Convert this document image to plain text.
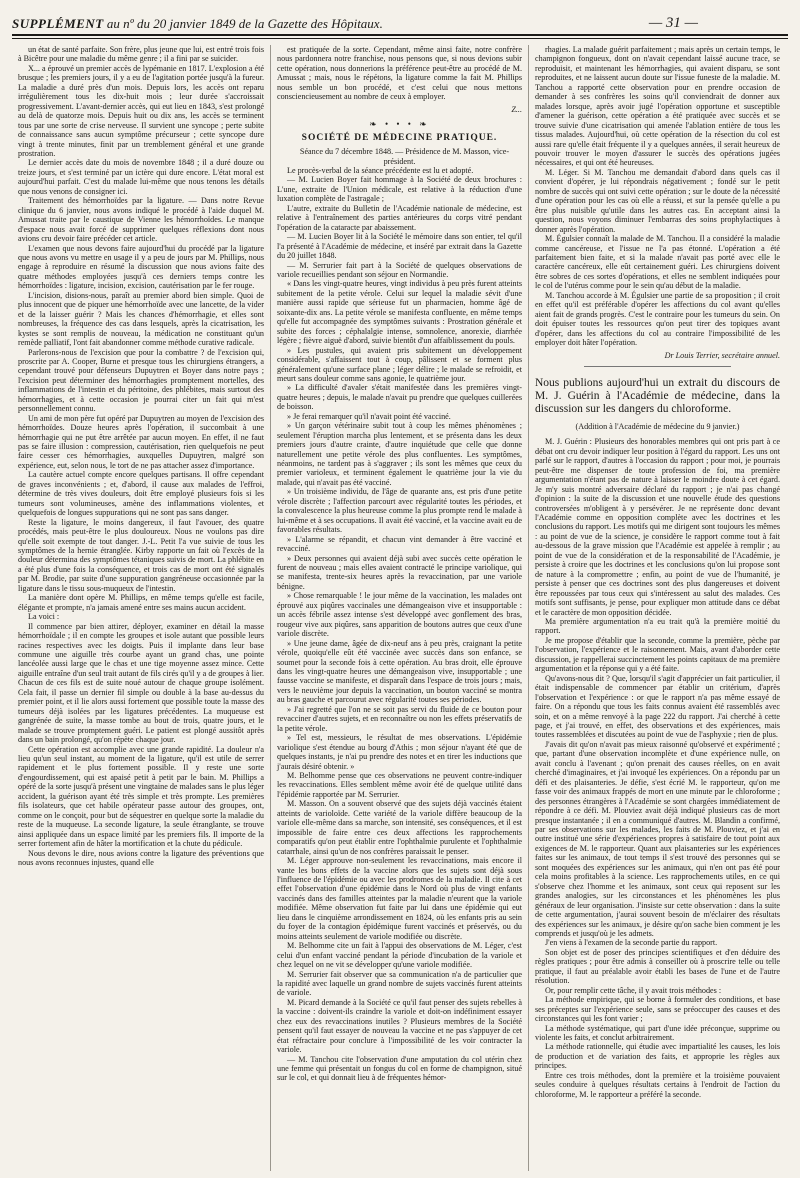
SUPPLÉMENT au nº du 20 janvier 1849 de la Gazette des Hôpitaux.	— 31 —

un état de santé parfaite. Son frère, plus jeune que lui, est entré trois fois à Bicêtre pour une maladie du même genre ; il a fini par se suicider.

X... a éprouvé un premier accès de lypémanie en 1817. L'explosion a été brusque ; les premiers jours, il y a eu de l'agitation portée jusqu'à la fureur. La maladie a duré près d'un mois. Depuis lors, les accès ont reparu irrégulièrement tous les dix-huit mois ; leur durée s'accroissait progressivement. L'avant-dernier accès, qui eut lieu en 1843, s'est prolongé au delà de quatorze mois. Depuis huit ou dix ans, les accès se terminent tous par une sorte de crise nerveuse. Il survient une syncope ; perte subite de connaissance sans aucun symptôme précurseur ; cette syncope dure vingt à trente minutes, finit par un tremblement général et une grande prostration.

Le dernier accès date du mois de novembre 1848 ; il a duré douze ou treize jours, et s'est terminé par un ictère qui dure encore. L'état moral est aujourd'hui parfait. C'est du malade lui-même que nous tenons les détails que nous venons de consigner ici.

Traitement des hémorrhoïdes par la ligature. — Dans notre Revue clinique du 6 janvier, nous avons indiqué le procédé à l'aide duquel M. Amussat traite par le caustique de Vienne les hémorrhoïdes. Le manque d'espace nous avait forcé de supprimer quelques réflexions dont nous avions cru devoir faire précéder cet article.

L'examen que nous devons faire aujourd'hui du procédé par la ligature que nous avons vu mettre en usage il y a peu de jours par M. Phillips, nous engage à reproduire en résumé la discussion que nous avions faite des quatre méthodes employées jusqu'à ces derniers temps contre les hémorrhoïdes : ligature, incision, excision, cautérisation par le fer rouge.

L'incision, disions-nous, paraît au premier abord bien simple. Quoi de plus innocent que de piquer une hémorrhoïde avec une lancette, de la vider et de la laisser guérir ? Mais les chances d'hémorrhagie, et elles sont nombreuses, la fréquence des cas dans lesquels, après la cicatrisation, les kystes se sont remplis de nouveau, la médication ne constituant qu'un remède palliatif, l'ont fait abandonner comme méthode curative radicale.

Parlerons-nous de l'excision que pour la combattre ? de l'excision qui, proscrite par A. Cooper, Burne et presque tous les chirurgiens étrangers, a cependant trouvé pour défenseurs Dupuytren et Boyer dans notre pays ; l'excision peut déterminer des hémorrhagies promptement mortelles, des inflammations de l'intestin et du péritoine, des phlébites, mais surtout des hémorrhagies, et à cette occasion je pourrai citer un fait qui m'est personnellement connu.

Un ami de mon père fut opéré par Dupuytren au moyen de l'excision des hémorrhoïdes. Douze heures après l'opération, il succombait à une hémorrhagie qui ne put être arrêtée par aucun moyen. En effet, il ne faut pas se faire illusion : compression, cautérisation, rien quelquefois ne peut faire cesser ces hémorrhagies, auxquelles Dupuytren, malgré son expérience, eut, selon nous, le tort de ne pas attacher assez d'importance.

La cautère actuel compte encore quelques partisans. Il offre cependant de graves inconvénients ; et, d'abord, il cause aux malades de l'effroi, détermine de très vives douleurs, doit être employé plusieurs fois si les tumeurs sont volumineuses, amène des inflammations violentes, et quelquefois de longues suppurations qui ne sont pas sans danger.

Reste la ligature, le moins dangereux, il faut l'avouer, des quatre procédés, mais peut-être le plus douloureux. Nous ne voulons pas dire qu'elle soit exempte de tout danger. J.-L. Petit l'a vue suivie de tous les symptômes de la hernie étranglée. Kirby rapporte un fait où l'excès de la douleur détermina des symptômes tétaniques suivis de mort. La phlébite en a été plus d'une fois la conséquence, et trois cas de mort ont été signalés par M. Brodie, par suite d'une suppuration gangréneuse occasionnée par la ligature dans le tissu sous-muqueux de l'intestin.

La manière dont opère M. Phillips, en même temps qu'elle est facile, élégante et prompte, n'a jamais amené entre ses mains aucun accident.

La voici :

Il commence par bien attirer, déployer, examiner en détail la masse hémorrhoïdale ; il en compte les groupes et isole autant que possible leurs racines respectives avec les doigts. Puis il implante dans leur base commune une aiguille très courbe ayant un grand chas, une pointe lancéolée aussi large que le chas et une tige moyenne assez mince. Cette aiguille entraîne d'un seul trait autant de fils cirés qu'il y a de groupes à lier. Chacun de ces fils est de suite noué autour de chaque groupe isolément. Cela fait, il passe un dernier fil simple ou double à la base au-dessus du premier point, et il lie alors aussi fortement que possible toute la masse des tumeurs déjà isolées par les ligatures précédentes. La muqueuse est gangrénée de suite, la masse tombe au bout de trois, quatre jours, et le malade se trouve promptement guéri. Le patient est plongé aussitôt après dans un bain prolongé, qu'on répète chaque jour.

Cette opération est accomplie avec une grande rapidité. La douleur n'a lieu qu'un seul instant, au moment de la ligature, qu'il est utile de serrer rapidement et le plus fortement possible. Il y reste une sorte d'engourdissement, qui est apaisé petit à petit par le bain. M. Phillips a opéré de la sorte jusqu'à présent une vingtaine de malades sans le plus léger accident, la guérison ayant été très simple et très prompte. Les premières fils isolateurs, que cet habile opérateur passe autour des groupes, ont, comme on le conçoit, pour but de séquestrer en quelque sorte la maladie du reste de la muqueuse. La seconde ligature, la seule étranglante, se trouve ainsi appliquée dans un espace limité par les premiers fils. Il importe de la serrer fortement afin de hâter la mortification et la chute du pédicule.

Nous devons le dire, nous avions contre la ligature des préventions que nous avons reconnues injustes, quand elle

est pratiquée de la sorte. Cependant, même ainsi faite, notre confrère nous pardonnera notre franchise, nous pensons que, si nous devions subir cette opération, nous donnerions la préférence peut-être au procédé de M. Amussat ; mais, nous le répétons, la ligature comme la fait M. Phillips nous semble un bon procédé, et c'est celui que nous mettons consciencieusement au nombre de ceux à employer.

Z...
❧ • • • ❧
SOCIÉTÉ DE MÉDECINE PRATIQUE.

Séance du 7 décembre 1848. — Présidence de M. Masson, vice-président.

Le procès-verbal de la séance précédente est lu et adopté.

— M. Lucien Boyer fait hommage à la Société de deux brochures : L'une, extraite de l'Union médicale, est relative à la réduction d'une luxation complète de l'astragale ;

L'autre, extraite du Bulletin de l'Académie nationale de médecine, est relative à l'entraînement des parties antérieures du corps vitré pendant l'opération de la cataracte par abaissement.

— M. Lucien Boyer lit à la Société le mémoire dans son entier, tel qu'il l'a présenté à l'Académie de médecine, et inséré par extrait dans la Gazette du 20 juillet 1848.

— M. Serrurier fait part à la Société de quelques observations de variole recueillies pendant son séjour en Normandie.

« Dans les vingt-quatre heures, vingt individus à peu près furent atteints subitement de la petite vérole. Celui sur lequel la maladie sévit d'une manière aussi rapide que sérieuse fut un pharmacien, homme âgé de soixante-dix ans. La petite vérole se manifesta confluente, en même temps qu'elle fut accompagnée des symptômes suivants : Prostration générale et subite des forces ; céphalalgie intense, somnolence, anorexie, diarrhée légère ; fièvre aiguë d'abord, suivie bientôt d'un affaiblissement du pouls.

» Les pustules, qui avaient pris subitement un développement considérable, s'affaissent tout à coup, pâlissent et se forment plus généralement qu'une surface plane ; léger délire ; le malade se refroidit, et meurt sans douleur comme sans agonie, le quatrième jour.

» La difficulté d'avaler s'était manifestée dans les premières vingt-quatre heures ; depuis, le malade n'avait pu prendre que quelques cuillerées de boisson.

» Je ferai remarquer qu'il n'avait point été vacciné.

» Un garçon vétérinaire subit tout à coup les mêmes phénomènes ; seulement l'éruption marcha plus lentement, et se présenta dans les deux premiers jours d'autre crainte, d'autre inquiétude que celle que donne naturellement une petite vérole des plus confluentes. Les symptômes, néanmoins, ne tardent pas à s'aggraver ; ils sont les mêmes que ceux du premier varioleux, et terminent également le quatrième jour la vie du malade, qui n'avait pas été vacciné.

» Un troisième individu, de l'âge de quarante ans, est pris d'une petite vérole discrète ; l'affection parcourt avec régularité toutes les périodes, et la convalescence la plus heureuse comme la plus prompte rend le malade à lui-même et à ses occupations. Il avait été vacciné, et la vaccine avait eu de favorables résultats.

» L'alarme se répandit, et chacun vint demander à être vacciné et revacciné.

» Deux personnes qui avaient déjà subi avec succès cette opération le furent de nouveau ; mais elles avaient contracté le principe variolique, qui se manifesta, trente-six heures après la revaccination, par une variole bénigne.

» Chose remarquable ! le jour même de la vaccination, les malades ont éprouvé aux piqûres vaccinales une démangeaison vive et insupportable : un accès fébrile assez intense s'est développé avec gonflement des bras, rougeur vive aux piqûres, sans apparition de boutons autres que ceux d'une variole discrète.

» Une jeune dame, âgée de dix-neuf ans à peu près, craignant la petite vérole, quoiqu'elle eût été vaccinée avec succès dans son enfance, se soumet pour la seconde fois à cette opération. Au bras droit, elle éprouve dans les vingt-quatre heures une démangeaison vive, insupportable ; une fausse vaccine se manifeste, et disparaît dans l'espace de trois jours ; mais, vers le neuvième jour depuis la vaccination, un bouton vacciné se montra au bras gauche et parcourut avec régularité toutes ses périodes.

» J'ai regretté que l'on ne se soit pas servi du fluide de ce bouton pour revacciner d'autres sujets, et en reconnaître ou non les effets préservatifs de la petite vérole.

» Tel est, messieurs, le résultat de mes observations. L'épidémie variolique s'est étendue au bourg d'Athis ; mon séjour n'ayant été que de quelques instants, je n'ai pu prendre des notes et en tirer les inductions que j'aurais désiré obtenir. »

M. Belhomme pense que ces observations ne peuvent contre-indiquer les revaccinations. Elles semblent même avoir été de quelque utilité dans l'épidémie rapportée par M. Serrurier.

M. Masson. On a souvent observé que des sujets déjà vaccinés étaient atteints de varioloïde. Cette variété de la variole diffère beaucoup de la variole elle-même dans sa marche, son intensité, ses conséquences, et il est impossible de faire entre ces deux affections les rapprochements comparatifs qu'on peut établir entre l'ophthalmie purulente et l'ophthalmie catarrhale, ainsi qu'un de nos confrères paraissait le penser.

M. Léger approuve non-seulement les revaccinations, mais encore il vante les bons effets de la vaccine alors que les sujets sont déjà sous l'influence de l'épidémie ou avec les prodromes de la maladie. Il cite à cet effet l'observation d'une épidémie dans le Nord où plus de vingt enfants vaccinés dans des familles atteintes par la maladie n'eurent que la variole modifiée. Même observation fut faite par lui dans une épidémie qui eut lieu dans le cinquième arrondissement en 1824, où les enfants pris au sein du foyer de la contagion épidémique furent vaccinés et préservés, ou du moins atteints seulement de variole modifiée ou discrète.

M. Belhomme cite un fait à l'appui des observations de M. Léger, c'est celui d'un enfant vacciné pendant la période d'incubation de la variole et chez lequel on ne vit se développer qu'une variole modifiée.

M. Serrurier fait observer que sa communication n'a de particulier que la rapidité avec laquelle un grand nombre de sujets vaccinés furent atteints de variole.

M. Picard demande à la Société ce qu'il faut penser des sujets rebelles à la vaccine : doivent-ils craindre la variole et doit-on indéfiniment essayer chez eux des revaccinations inutiles ? Plusieurs membres de la Société pensent qu'il faut essayer de nouveau la vaccine et ne pas s'appuyer de cet état réfractaire pour conclure à l'impossibilité de les voir contracter la variole.

— M. Tanchou cite l'observation d'une amputation du col utérin chez une femme qui présentait un fongus du col en forme de champignon, situé sur le col, et qui donnait lieu à de fréquentes hémor-

rhagies. La malade guérit parfaitement ; mais après un certain temps, le champignon fongueux, dont on n'avait cependant laissé aucune trace, se reproduisit, et maintenant les hémorrhagies, qui avaient disparu, se sont reproduites, et ne laissent aucun doute sur l'issue funeste de la maladie. M. Tanchou a rapporté cette observation pour en prendre occasion de demander à ses confrères les soins qu'il conviendrait de donner aux malades lorsque, après avoir jugé l'opération opportune et susceptible d'amener la guérison, cette opération a été pratiquée avec succès et se trouve suivie d'une cicatrisation qui amenée l'ablation entière de tous les tissus malades. Aujourd'hui, où cette opération de la résection du col est aussi rare qu'elle était fréquente il y a quelques années, il serait heureux de pouvoir trouver le moyen d'assurer le succès des opérations jugées nécessaires, et qui ont été heureuses.

M. Léger. Si M. Tanchou me demandait d'abord dans quels cas il convient d'opérer, je lui répondrais négativement ; fondé sur le petit nombre de succès qui ont suivi cette opération ; sur le doute de la nécessité d'une opération pour les cas où elle a réussi, et sur la pensée qu'elle a pu être plus nuisible qu'utile dans les autres cas. En acceptant ainsi la question, nous voyons diminuer l'embarras des soins prophylactiques à donner après l'opération.

M. Égulsier connaît la malade de M. Tanchou. Il a considéré la maladie comme cancéreuse, et l'issue ne l'a pas étonné. L'opération a été parfaitement bien faite, et si la malade n'avait pas porté avec elle le caractère cancéreux, elle eût certainement guéri. Les chirurgiens doivent être sobres de ces sortes d'opérations, et elles ne semblent indiquées pour le col de l'utérus comme pour le sein qu'au début de la maladie.

M. Tanchou accorde à M. Égulsier une partie de sa proposition ; il croit en effet qu'il est préférable d'opérer les affections du col avant qu'elles aient fait de grands progrès. C'est le contraire pour les tumeurs du sein. On doit épuiser toutes les ressources qu'on peut tirer des topiques avant d'opérer, dans les affections du col au contraire l'impossibilité de les employer doit hâter l'opération.

Dr Louis Terrier, secrétaire annuel.
Nous publions aujourd'hui un extrait du discours de M. J. Guérin à l'Académie de médecine, dans la discussion sur les dangers du chloroforme.
(Addition à l'Académie de médecine du 9 janvier.)

M. J. Guérin : Plusieurs des honorables membres qui ont pris part à ce débat ont cru devoir indiquer leur position à l'égard du rapport. Les uns ont parlé sur le rapport, d'autres à l'occasion du rapport ; pour moi, je pourrais peut-être me dispenser de toute profession de foi, ma première argumentation n'étant pas de nature à laisser le moindre doute à cet égard. Je m'y suis montré adversaire déclaré du rapport ; je n'ai pas changé d'opinion : la suite de la discussion et une nouvelle étude des questions controversées m'obligent à y persévérer. Je ne représente donc devant l'Académie comme en opposition complète avec les doctrines et les conclusions du rapport. Les motifs qui me dirigent sont toujours les mêmes : au point de vue de la science, je considère le rapport comme tout à fait au-dessous de la grave mission que l'Académie est appelée à remplir ; au point de vue de la considération et de la responsabilité de l'Académie, je persiste à croire que les doctrines et les conclusions qu'on lui propose sont de nature à la compromettre ; enfin, au point de vue de l'humanité, je persiste à penser que ces doctrines sont des plus dangereuses et doivent être repoussées par tous ceux qui s'intéressent au salut des malades. Ces motifs sont suffisants, je pense, pour expliquer mon attitude dans ce débat et le caractère de mon opposition décidée.

Ma première argumentation n'a eu trait qu'à la première moitié du rapport.

Je me propose d'établir que la seconde, comme la première, pèche par l'observation, l'expérience et le raisonnement. Mais, avant d'aborder cette discussion, je rappellerai succinctement les points capitaux de ma première argumentation et la réponse qui y a été faite.

Qu'avons-nous dit ? Que, lorsqu'il s'agit d'apprécier un fait particulier, il était indispensable de commencer par établir un critérium, d'après l'observation et l'expérience : or que le rapport n'a pas même essayé de faire. On a répondu que tous les faits connus avaient été rassemblés avec soin, et on a même renvoyé à la page 222 du rapport. J'ai cherché à cette page, et j'ai trouvé, en effet, des observations et des expériences, mais toutes rassemblées et discutées au point de vue de l'asphyxie ; rien de plus.

J'avais dit qu'on n'avait pas mieux raisonné qu'observé et expérimenté ; que, partant d'une observation incomplète et d'une expérience nulle, on avait conclu à l'avenant ; qu'on prenait des causes réelles, on en avait cherché d'imaginaires, et j'ai invoqué les expériences. On a répondu par un défi et des plaisanteries. Je défie, s'est écrié M. le rapporteur, qu'on me fasse voir des animaux frappés de mort en une minute par le chloroforme ; des personnes étrangères à l'Académie se sont chargées immédiatement de répondre à ce défi. M. Plouviez avait déjà indiqué plusieurs cas de mort presque instantanée ; il en a communiqué d'autres. M. Blandin a confirmé, par ses observations sur les malades, les faits de M. Plouviez, et j'ai en outre institué une série d'expériences propres à satisfaire de tout point aux exigences de M. le rapporteur. Quant aux plaisanteries sur les expériences faites sur les animaux, de tout temps il s'est trouvé des personnes qui se sont moquées des expériences sur les animaux, qui n'en ont pas été pour cela moins profitables à la science. Les rapprochements utiles, en ce qui s'observe chez l'homme et les animaux, sont ceux qui reposent sur les grandes analogies, sur les circonstances et les phénomènes les plus généraux de leur organisation. J'insiste sur cette observation : dans la suite de cette argumentation, j'aurai souvent besoin de m'éclairer des résultats des expériences sur les animaux, je désire qu'on sache bien comment je les comprends et jusqu'où je les admets.

J'en viens à l'examen de la seconde partie du rapport.

Son objet est de poser des principes scientifiques et d'en déduire des règles pratiques ; pour être admis à conseiller où à proscrire telle ou telle pratique, il faut au préalable avoir établi les bases de l'une et de l'autre résolution.

Or, pour remplir cette tâche, il y avait trois méthodes :

La méthode empirique, qui se borne à formuler des conditions, et base ses préceptes sur l'expérience seule, sans se préoccuper des causes et des circonstances qui les font varier ;

La méthode systématique, qui part d'une idée préconçue, supprime ou violente les faits, et conclut arbitrairement.

La méthode rationnelle, qui étudie avec impartialité les causes, les lois de production et de variation des faits, et approprie les règles aux principes.

Entre ces trois méthodes, dont la première et la troisième pouvaient seules conduire à quelques résultats certains à l'endroit de l'action du chloroforme, M. le rapporteur a préféré la seconde.
